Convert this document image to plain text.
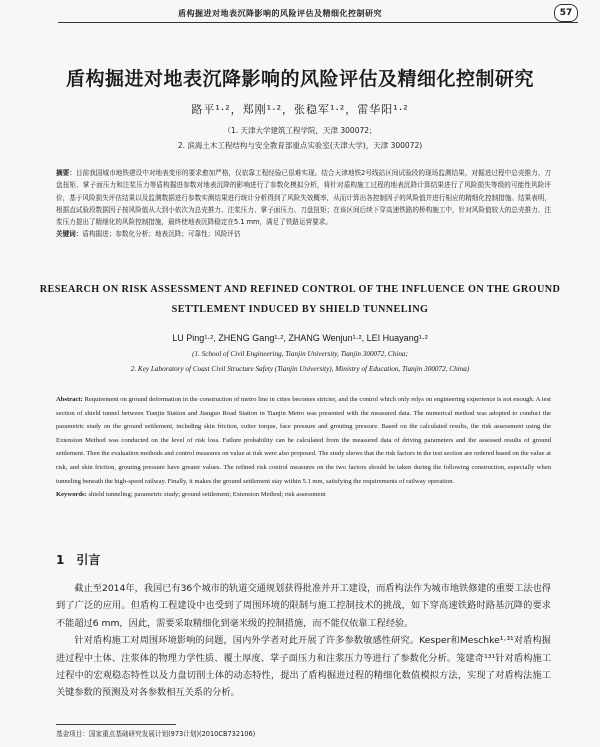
盾构掘进对地表沉降影响的风险评估及精细化控制研究	57
盾构掘进对地表沉降影响的风险评估及精细化控制研究
路平¹·²，郑刚¹·²，张稳军¹·²，雷华阳¹·²
（1. 天津大学建筑工程学院，天津 300072；
2. 滨海土木工程结构与安全教育部重点实验室(天津大学)，天津 300072)
摘要：目前我国城市地铁建设中对地表变形的要求愈加严格，仅依靠工程经验已很难实现。结合天津地铁2号线站区间试验段的现场监测结果，对掘进过程中总壳推力、刀盘扭矩、掌子面压力和注浆压力等盾构掘进参数对地表沉降的影响进行了参数化模拟分析，将针对盾构施工过程的地表沉降计算结果进行了风险损失等级的可能性风险评价，基于风险损失评估结果以及监测数据进行参数实测结果进行统计分析得到了风险失效概率，从而计算出各控制因子的风险值并进行相应的精细化控制措施。结果表明，根据直试验段数据因子按风险值从大到小依次为总壳推力、注浆压力、掌子面压力、刀盘扭矩；在该区间后续下穿高速铁路的桥构施工中，针对风险值较大的总壳推力、注浆压力提出了精细化的风险控制措施，最终使地表沉降稳定在5.1 mm，满足了铁路运营要求。
关键词：盾构掘进；参数化分析；地表沉降；可靠性；风险评估
RESEARCH ON RISK ASSESSMENT AND REFINED CONTROL OF THE INFLUENCE ON THE GROUND SETTLEMENT INDUCED BY SHIELD TUNNELING
LU Ping¹·², ZHENG Gang¹·², ZHANG Wenjun¹·², LEI Huayang¹·²
(1. School of Civil Engineering, Tianjin University, Tianjin 300072, China;
2. Key Laboratory of Coast Civil Structure Safety (Tianjin University), Ministry of Education, Tianjin 300072, China)
Abstract: Requirement on ground deformation in the construction of metro line in cities becomes stricter, and the control which only relys on engineering experience is not enough. A test section of shield tunnel between Tianjin Station and Jianguo Road Station in Tianjin Metro was presented with the measured data. The numerical method was adopted to conduct the parametric study on the ground settlement, including skin friction, cutter torque, face pressure and grouting pressure. Based on the calculated results, the risk assessment using the Extension Method was conducted on the level of risk loss. Failure probability can be calculated from the measured data of driving parameters and the assessed results of ground settlement. Then the evaluation methods and control measures on value at risk were also proposed. The study shows that the risk factors in the test section are ordered based on the value at risk, and skin friction, grouting pressure have greater values. The refined risk control measures on the two factors should be taken during the following construction, especially when tunneling beneath the high-speed railway. Finally, it makes the ground settlement stay within 5.1 mm, satisfying the requirements of railway operation.
Keywords: shield tunneling; parametric study; ground settlement; Extension Method; risk assessment
1 引言

截止至2014年，我国已有36个城市的轨道交通规划获得批准并开工建设，而盾构法作为城市地铁修建的重要工法也得到了广泛的应用。但盾构工程建设中也受到了周围环境的限制与施工控制技术的挑战，如下穿高速铁路时路基沉降的要求不能超过6 mm，因此，需要采取精细化到毫米级的控制措施，而不能仅依靠工程经验。

针对盾构施工对周围环境影响的问题，国内外学者对此开展了许多参数敏感性研究。Kesper和Meschke¹·³¹对盾构掘进过程中土体、注浆体的物理力学性质、覆土厚度、掌子面压力和注浆压力等进行了参数化分析。笼建奇¹³¹针对盾构施工过程中的宏观稳态特性以及力盘切削土体的动态特性，提出了盾构掘进过程的精细化数值模拟方法，实现了对盾构法施工关键参数的预测及对各参数相互关系的分析。

基金项目：国家重点基础研究发展计划(973计划)(2010CB732106)
